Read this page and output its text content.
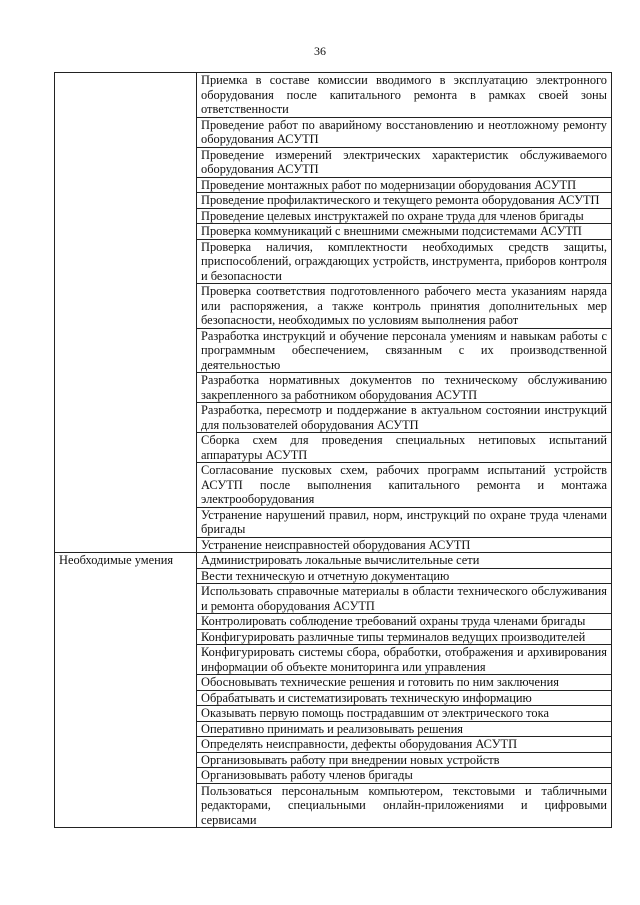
36
	Приемка в составе комиссии вводимого в эксплуатацию электронного оборудования после капитального ремонта в рамках своей зоны ответственности
	Проведение работ по аварийному восстановлению и неотложному ремонту оборудования АСУТП
	Проведение измерений электрических характеристик обслуживаемого оборудования АСУТП
	Проведение монтажных работ по модернизации оборудования АСУТП
	Проведение профилактического и текущего ремонта оборудования АСУТП
	Проведение целевых инструктажей по охране труда для членов бригады
	Проверка коммуникаций с внешними смежными подсистемами АСУТП
	Проверка наличия, комплектности необходимых средств защиты, приспособлений, ограждающих устройств, инструмента, приборов контроля и безопасности
	Проверка соответствия подготовленного рабочего места указаниям наряда или распоряжения, а также контроль принятия дополнительных мер безопасности, необходимых по условиям выполнения работ
	Разработка инструкций и обучение персонала умениям и навыкам работы с программным обеспечением, связанным с их производственной деятельностью
	Разработка нормативных документов по техническому обслуживанию закрепленного за работником оборудования АСУТП
	Разработка, пересмотр и поддержание в актуальном состоянии инструкций для пользователей оборудования АСУТП
	Сборка схем для проведения специальных нетиповых испытаний аппаратуры АСУТП
	Согласование пусковых схем, рабочих программ испытаний устройств АСУТП после выполнения капитального ремонта и монтажа электрооборудования
	Устранение нарушений правил, норм, инструкций по охране труда членами бригады
	Устранение неисправностей оборудования АСУТП
Необходимые умения	Администрировать локальные вычислительные сети
	Вести техническую и отчетную документацию
	Использовать справочные материалы в области технического обслуживания и ремонта оборудования АСУТП
	Контролировать соблюдение требований охраны труда членами бригады
	Конфигурировать различные типы терминалов ведущих производителей
	Конфигурировать системы сбора, обработки, отображения и архивирования информации об объекте мониторинга или управления
	Обосновывать технические решения и готовить по ним заключения
	Обрабатывать и систематизировать техническую информацию
	Оказывать первую помощь пострадавшим от электрического тока
	Оперативно принимать и реализовывать решения
	Определять неисправности, дефекты оборудования АСУТП
	Организовывать работу при внедрении новых устройств
	Организовывать работу членов бригады
	Пользоваться персональным компьютером, текстовыми и табличными редакторами, специальными онлайн-приложениями и цифровыми сервисами
